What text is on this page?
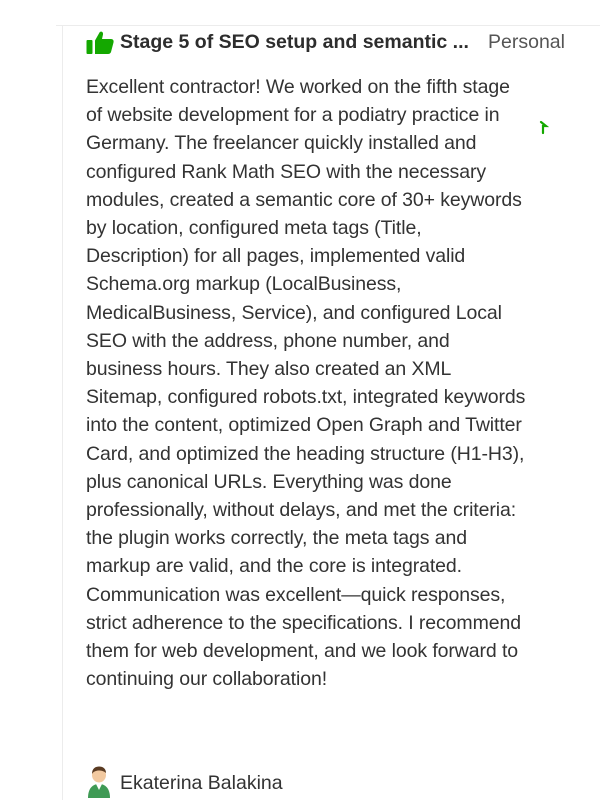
Stage 5 of SEO setup and semantic ... Personal

Excellent contractor! We worked on the fifth stage of website development for a podiatry practice in Germany. The freelancer quickly installed and configured Rank Math SEO with the necessary modules, created a semantic core of 30+ keywords by location, configured meta tags (Title, Description) for all pages, implemented valid Schema.org markup (LocalBusiness, MedicalBusiness, Service), and configured Local SEO with the address, phone number, and business hours. They also created an XML Sitemap, configured robots.txt, integrated keywords into the content, optimized Open Graph and Twitter Card, and optimized the heading structure (H1-H3), plus canonical URLs. Everything was done professionally, without delays, and met the criteria: the plugin works correctly, the meta tags and markup are valid, and the core is integrated. Communication was excellent—quick responses, strict adherence to the specifications. I recommend them for web development, and we look forward to continuing our collaboration!

Ekaterina Balakina
